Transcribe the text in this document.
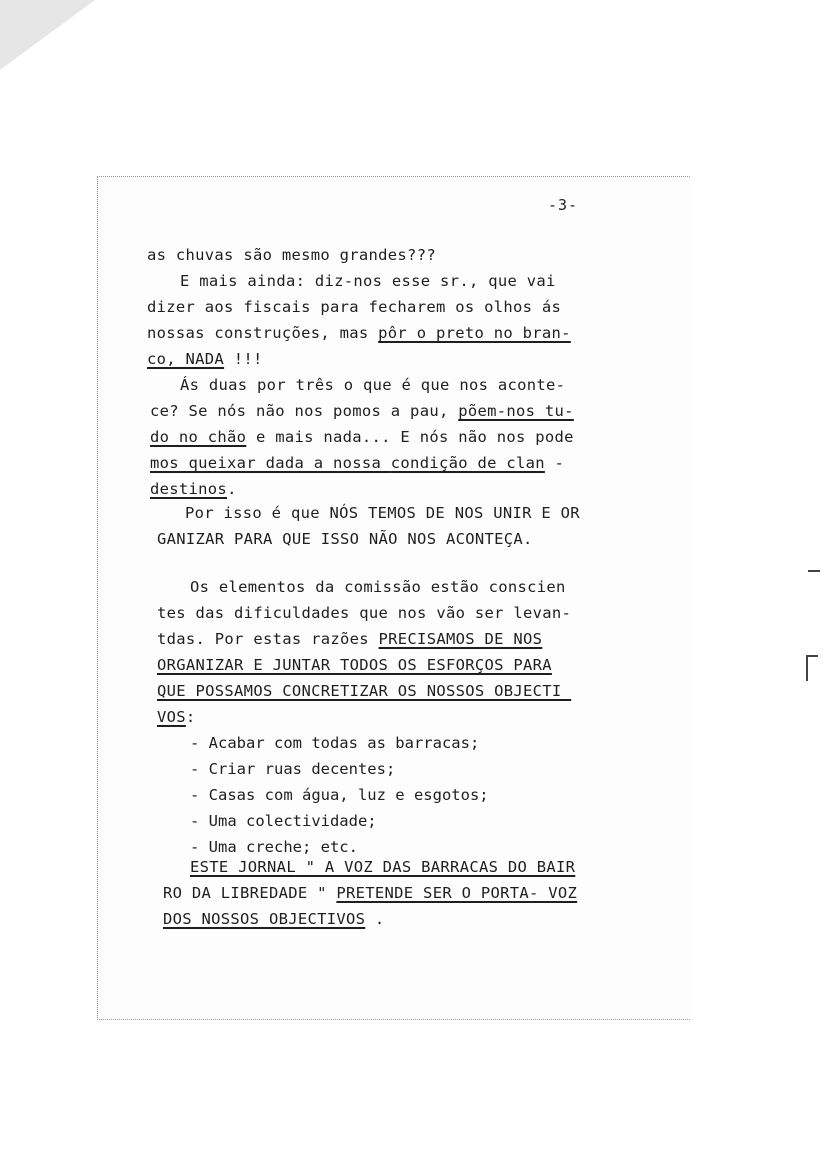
-3-
as chuvas são mesmo grandes???
E mais ainda: diz-nos esse sr., que vai
dizer aos fiscais para fecharem os olhos ás
nossas construções, mas pôr o preto no bran-
co, NADA !!!
Ás duas por três o que é que nos aconte-
ce? Se nós não nos pomos a pau, põem-nos tu-
do no chão e mais nada... E nós não nos pode
mos queixar dada a nossa condição de clan -
destinos.
Por isso é que NÓS TEMOS DE NOS UNIR E OR
GANIZAR PARA QUE ISSO NÃO NOS ACONTEÇA.
Os elementos da comissão estão conscien
tes das dificuldades que nos vão ser levan-
tdas. Por estas razões PRECISAMOS DE NOS
ORGANIZAR E JUNTAR TODOS OS ESFORÇOS PARA
QUE POSSAMOS CONCRETIZAR OS NOSSOS OBJECTI_
VOS:
- Acabar com todas as barracas;
- Criar ruas decentes;
- Casas com água, luz e esgotos;
- Uma colectividade;
- Uma creche; etc.
ESTE JORNAL " A VOZ DAS BARRACAS DO BAIR
RO DA LIBREDADE " PRETENDE SER O PORTA- VOZ
DOS NOSSOS OBJECTIVOS .
